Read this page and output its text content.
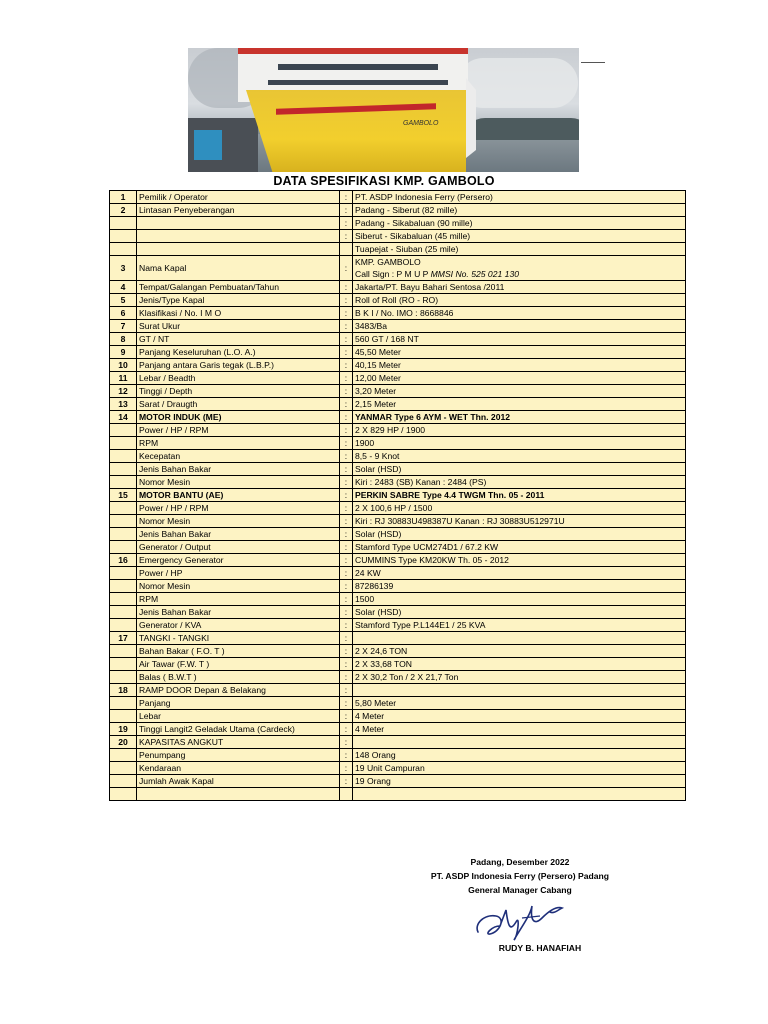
GAMBOLO
DATA SPESIFIKASI KMP. GAMBOLO
1	Pemilik / Operator	:	PT. ASDP Indonesia Ferry (Persero)
2	Lintasan Penyeberangan	:	Padang - Siberut (82 mille)
		:	Padang - Sikabaluan (90 mille)
		:	Siberut - Sikabaluan (45 mille)
			Tuapejat - Siuban (25 mile)
3	Nama Kapal	:	KMP. GAMBOLO
Call Sign : P M U P MMSI No. 525 021 130

4	Tempat/Galangan Pembuatan/Tahun	:	Jakarta/PT. Bayu Bahari Sentosa /2011
5	Jenis/Type Kapal	:	Roll of Roll (RO - RO)
6	Klasifikasi / No. I M O	:	B K I / No. IMO : 8668846
7	Surat Ukur	:	3483/Ba
8	GT / NT	:	560 GT / 168 NT
9	Panjang Keseluruhan (L.O. A.)	:	45,50 Meter
10	Panjang antara Garis tegak (L.B.P.)	:	40,15 Meter
11	Lebar / Beadth	:	12,00 Meter
12	Tinggi / Depth	:	3,20 Meter
13	Sarat / Draugth	:	2,15 Meter
14	MOTOR INDUK (ME)	:	YANMAR Type 6 AYM - WET Thn. 2012
	Power / HP / RPM	:	2 X 829 HP / 1900
	RPM	:	1900
	Kecepatan	:	8,5 - 9 Knot
	Jenis Bahan Bakar	:	Solar (HSD)
	Nomor Mesin	:	Kiri : 2483 (SB) Kanan : 2484 (PS)
15	MOTOR BANTU (AE)	:	PERKIN SABRE Type 4.4 TWGM Thn. 05 - 2011
	Power / HP / RPM	:	2 X 100,6 HP / 1500
	Nomor Mesin	:	Kiri : RJ 30883U498387U Kanan : RJ 30883U512971U
	Jenis Bahan Bakar	:	Solar (HSD)
	Generator / Output	:	Stamford Type UCM274D1 / 67.2 KW
16	Emergency Generator	:	CUMMINS Type KM20KW Th. 05 - 2012
	Power / HP	:	24 KW
	Nomor Mesin	:	87286139
	RPM	:	1500
	Jenis Bahan Bakar	:	Solar (HSD)
	Generator / KVA	:	Stamford Type P.L144E1 / 25 KVA
17	TANGKI - TANGKI	:	
	Bahan Bakar ( F.O. T )	:	2 X 24,6 TON
	Air Tawar (F.W. T )	:	2 X 33,68 TON
	Balas ( B.W.T )	:	2 X 30,2 Ton / 2 X 21,7 Ton
18	RAMP DOOR Depan & Belakang	:	
	Panjang	:	5,80 Meter
	Lebar	:	4 Meter
19	Tinggi Langit2 Geladak Utama (Cardeck)	:	4 Meter
20	KAPASITAS ANGKUT	:	
	Penumpang	:	148 Orang
	Kendaraan	:	19 Unit Campuran
	Jumlah Awak Kapal	:	19 Orang

Padang, Desember 2022
PT. ASDP Indonesia Ferry (Persero) Padang
General Manager Cabang
RUDY B. HANAFIAH
